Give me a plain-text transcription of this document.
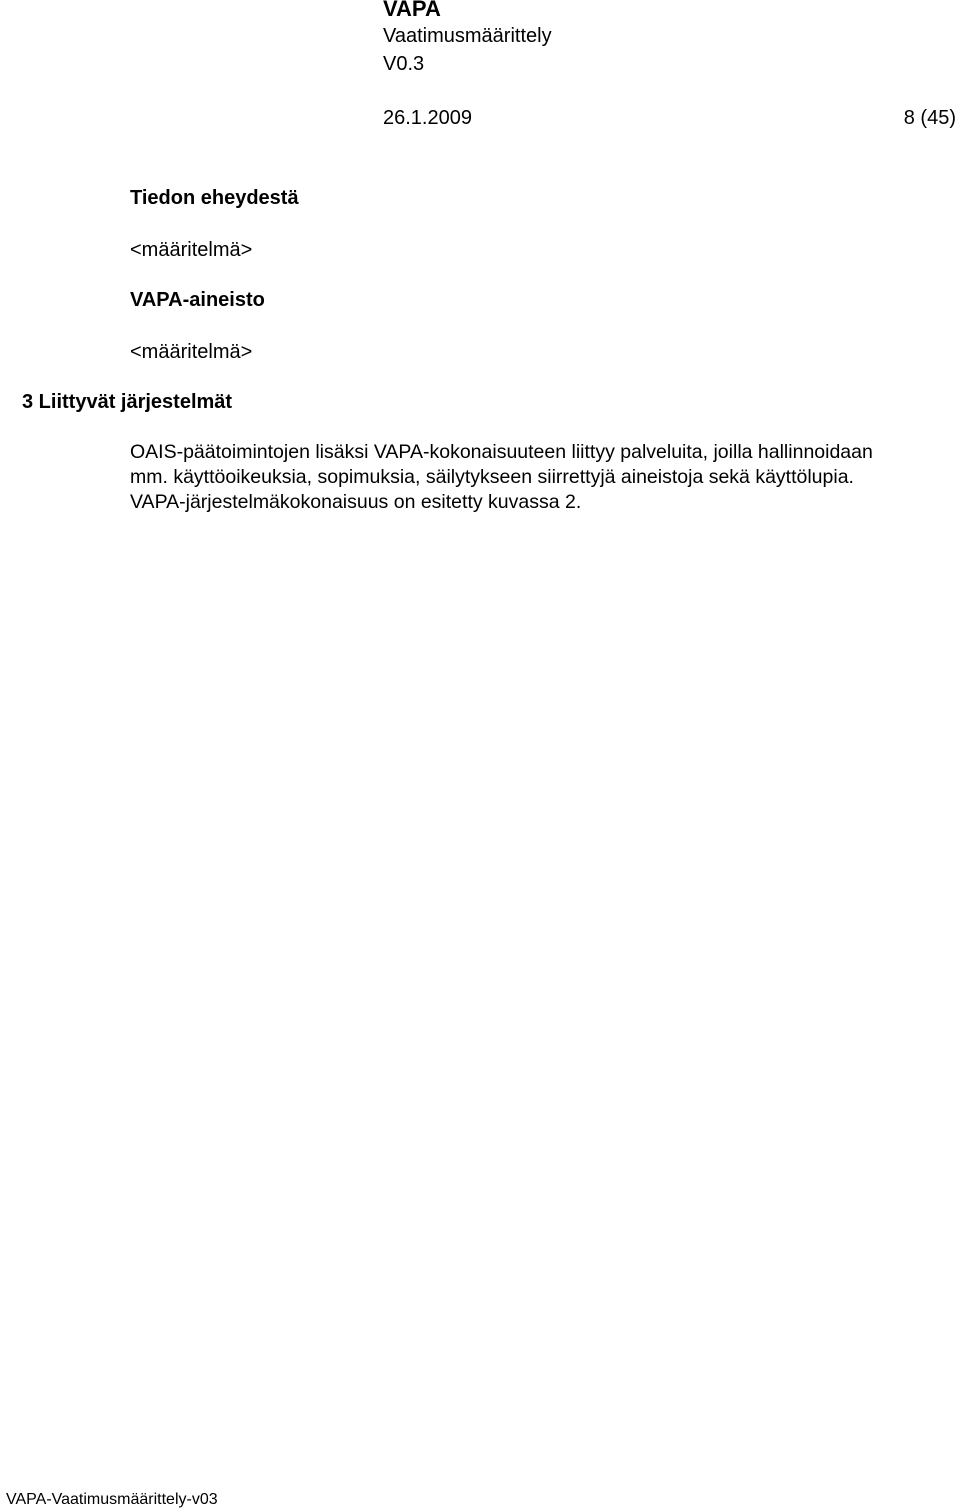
VAPA
Vaatimusmäärittely
V0.3
26.1.2009	8 (45)
Tiedon eheydestä
<määritelmä>
VAPA-aineisto
<määritelmä>
3 Liittyvät järjestelmät
OAIS-päätoimintojen lisäksi VAPA-kokonaisuuteen liittyy palveluita, joilla hallinnoidaan
mm. käyttöoikeuksia, sopimuksia, säilytykseen siirrettyjä aineistoja sekä käyttölupia.
VAPA-järjestelmäkokonaisuus on esitetty kuvassa 2.
VAPA-Vaatimusmäärittely-v03
